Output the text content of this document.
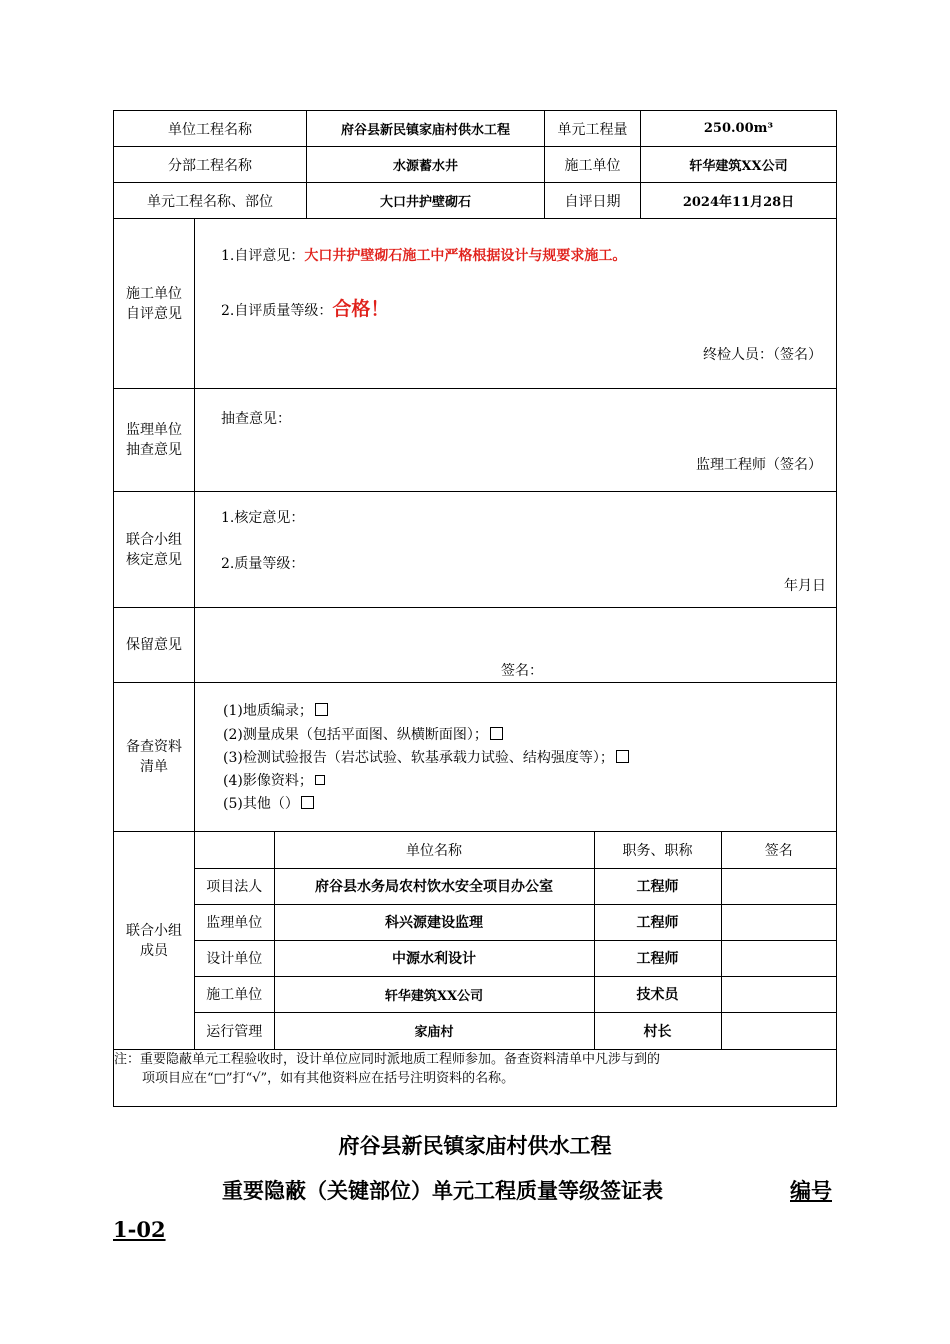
单位工程名称	府谷县新民镇家庙村供水工程	单元工程量	250.00m³
分部工程名称	水源蓄水井	施工单位	轩华建筑XX公司
单元工程名称、部位	大口井护壁砌石	自评日期	2024年11月28日

施工单位
自评意见

1.自评意见：大口井护壁砌石施工中严格根据设计与规要求施工。
2.自评质量等级：合格！
终检人员：（签名）

监理单位
抽查意见

抽查意见：
监理工程师（签名）

联合小组
核定意见

1.核定意见：
2.质量等级：
年月日

保留意见	
签名：

备查资料
清单

(1)地质编录；
(2)测量成果（包括平面图、纵横断面图）；
(3)检测试验报告（岩芯试验、软基承载力试验、结构强度等）；
(4)影像资料；
(5)其他（）

联合小组
成员

	单位名称	职务、职称	签名
项目法人	府谷县水务局农村饮水安全项目办公室	工程师	
监理单位	科兴源建设监理	工程师	
设计单位	中源水利设计	工程师	
施工单位	轩华建筑XX公司	技术员	
运行管理	家庙村	村长	

注：重要隐蔽单元工程验收时，设计单位应同时派地质工程师参加。备查资料清单中凡涉与到的
项项目应在“□”打“√”，如有其他资料应在括号注明资料的名称。
府谷县新民镇家庙村供水工程
重要隐蔽（关键部位）单元工程质量等级签证表	编号
1-02
